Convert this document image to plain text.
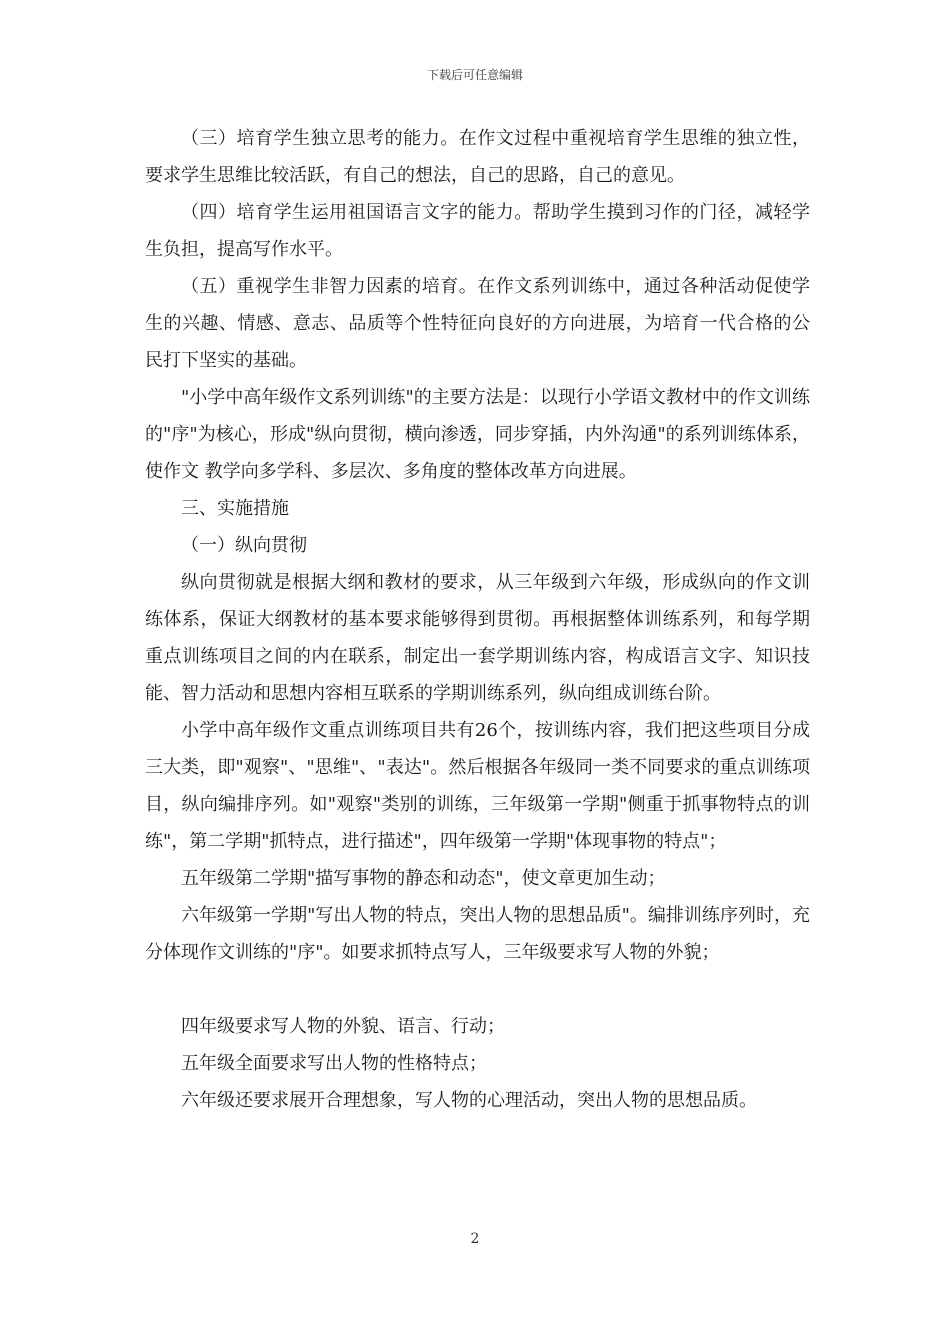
下载后可任意编辑

（三）培育学生独立思考的能力。在作文过程中重视培育学生思维的独立性，要求学生思维比较活跃，有自己的想法，自己的思路，自己的意见。

（四）培育学生运用祖国语言文字的能力。帮助学生摸到习作的门径，减轻学生负担，提高写作水平。

（五）重视学生非智力因素的培育。在作文系列训练中，通过各种活动促使学生的兴趣、情感、意志、品质等个性特征向良好的方向进展，为培育一代合格的公民打下坚实的基础。

"小学中高年级作文系列训练"的主要方法是：以现行小学语文教材中的作文训练的"序"为核心，形成"纵向贯彻，横向渗透，同步穿插，内外沟通"的系列训练体系，使作文 教学向多学科、多层次、多角度的整体改革方向进展。

三、实施措施

（一）纵向贯彻

纵向贯彻就是根据大纲和教材的要求，从三年级到六年级，形成纵向的作文训练体系，保证大纲教材的基本要求能够得到贯彻。再根据整体训练系列，和每学期重点训练项目之间的内在联系，制定出一套学期训练内容，构成语言文字、知识技能、智力活动和思想内容相互联系的学期训练系列，纵向组成训练台阶。

小学中高年级作文重点训练项目共有26个，按训练内容，我们把这些项目分成三大类，即"观察"、"思维"、"表达"。然后根据各年级同一类不同要求的重点训练项目，纵向编排序列。如"观察"类别的训练，三年级第一学期"侧重于抓事物特点的训练"，第二学期"抓特点，进行描述"，四年级第一学期"体现事物的特点"；

五年级第二学期"描写事物的静态和动态"，使文章更加生动；

六年级第一学期"写出人物的特点，突出人物的思想品质"。编排训练序列时，充分体现作文训练的"序"。如要求抓特点写人，三年级要求写人物的外貌；

四年级要求写人物的外貌、语言、行动；

五年级全面要求写出人物的性格特点；

六年级还要求展开合理想象，写人物的心理活动，突出人物的思想品质。

2
